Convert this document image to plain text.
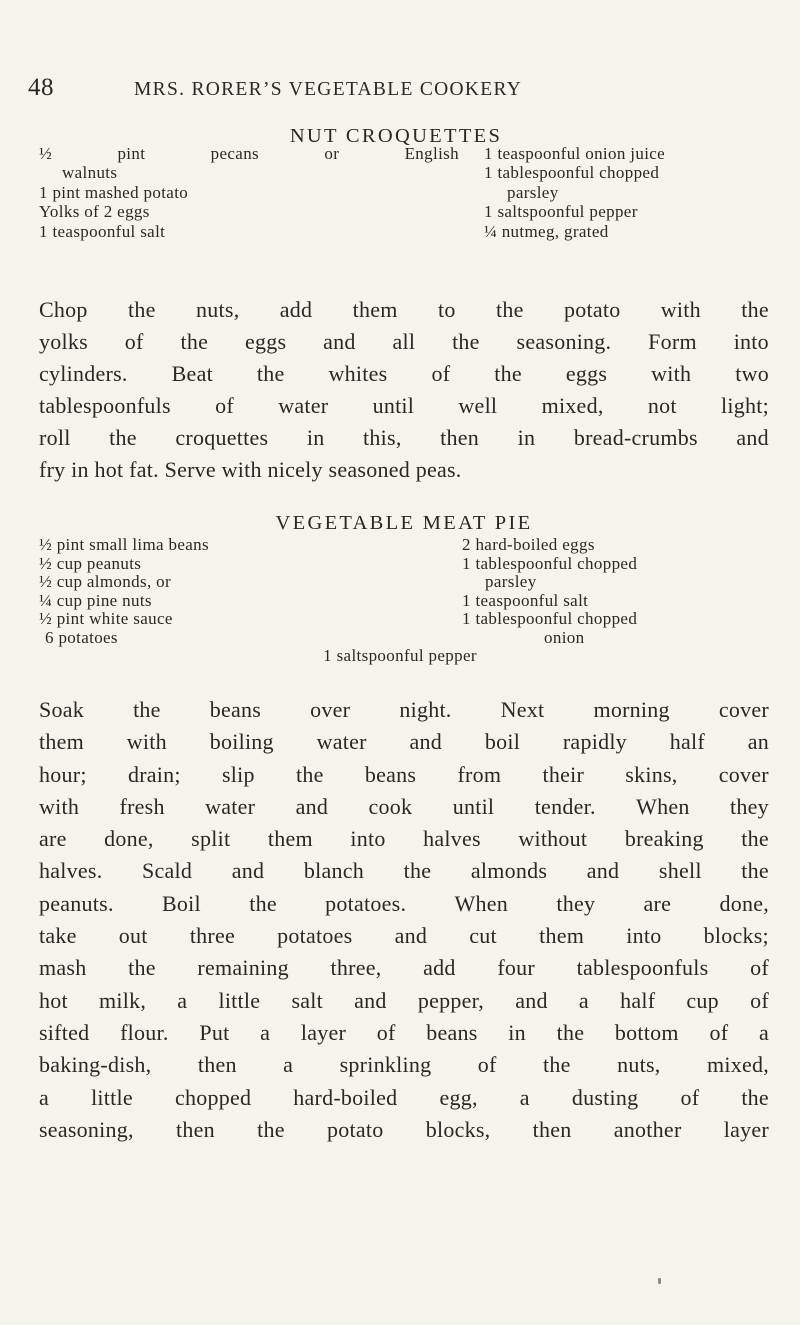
48	MRS. RORER’S VEGETABLE COOKERY
NUT CROQUETTES
½	pint	pecans	or	English
walnuts
1 pint mashed potato
Yolks of 2 eggs
1 teaspoonful salt
1 teaspoonful onion juice
1 tablespoonful chopped
parsley
1 saltspoonful pepper
¼ nutmeg, grated
Chop the nuts, add them to the potato with the
yolks of the eggs and all the seasoning. Form into
cylinders. Beat the whites of the eggs with two
tablespoonfuls of water until well mixed, not light;
roll the croquettes in this, then in bread-crumbs and
fry in hot fat. Serve with nicely seasoned peas.
VEGETABLE MEAT PIE
½ pint small lima beans
½ cup peanuts
½ cup almonds, or
¼ cup pine nuts
½ pint white sauce
6 potatoes
2 hard-boiled eggs
1 tablespoonful chopped
parsley
1 teaspoonful salt
1 tablespoonful chopped
onion
1 saltspoonful pepper
Soak the beans over night. Next morning cover
them with boiling water and boil rapidly half an
hour; drain; slip the beans from their skins, cover
with fresh water and cook until tender. When they
are done, split them into halves without breaking the
halves. Scald and blanch the almonds and shell the
peanuts. Boil the potatoes. When they are done,
take out three potatoes and cut them into blocks;
mash the remaining three, add four tablespoonfuls of
hot milk, a little salt and pepper, and a half cup of
sifted flour. Put a layer of beans in the bottom of a
baking-dish, then a sprinkling of the nuts, mixed,
a little chopped hard-boiled egg, a dusting of the
seasoning, then the potato blocks, then another layer
